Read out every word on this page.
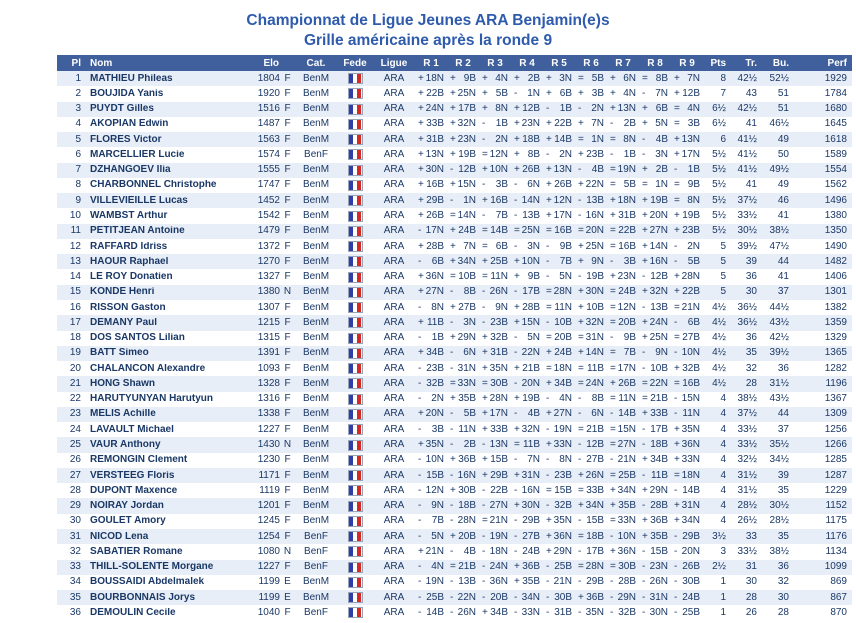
Championnat de Ligue Jeunes ARA Benjamin(e)s
Grille américaine après la ronde 9
Pl Nom	Elo	Cat.	Fede	Ligue	R 1	R 2	R 3	R 4	R 5	R 6	R 7	R 8	R 9	Pts	Tr.	Bu.	Perf
1 MATHIEU Phileas	1804 F	BenM	ARA	+ 18N + 9B + 4N + 2B + 3N = 5B + 6N = 8B + 7N	8	42½	52½	1929
2 BOUJIDA Yanis	1920 F	BenM	ARA	+ 22B + 25N + 5B - 1N + 6B + 3B + 4N - 7N + 12B	7	43	51	1784
3 PUYDT Gilles	1516 F	BenM	ARA	+ 24N + 17B + 8N + 12B - 1B - 2N + 13N + 6B = 4N	6½	42½	51	1680
4 AKOPIAN Edwin	1487 F	BenM	ARA	+ 33B + 32N - 1B + 23N + 22B + 7N - 2B + 5N = 3B	6½	41	46½	1645
5 FLORES Victor	1563 F	BenM	ARA	+ 31B + 23N - 2N + 18B + 14B = 1N = 8N - 4B + 13N	6	41½	49	1618
6 MARCELLIER Lucie	1574 F	BenF	ARA	+ 13N + 19B = 12N + 8B - 2N + 23B - 1B - 3N + 17N	5½	41½	50	1589
7 DZHANGOEV Ilia	1555 F	BenM	ARA	+ 30N - 12B + 10N + 26B + 13N - 4B = 19N + 2B - 1B	5½	41½	49½	1554
8 CHARBONNEL Christophe	1747 F	BenM	ARA	+ 16B + 15N - 3B - 6N + 26B + 22N = 5B = 1N = 9B	5½	41	49	1562
9 VILLEVIEILLE Lucas	1452 F	BenM	ARA	+ 29B - 1N + 16B - 14N + 12N - 13B + 18N + 19B = 8N	5½	37½	46	1496
10 WAMBST Arthur	1542 F	BenM	ARA	+ 26B = 14N - 7B - 13B + 17N - 16N + 31B + 20N + 19B	5½	33½	41	1380
11 PETITJEAN Antoine	1479 F	BenM	ARA	- 17N + 24B = 14B = 25N = 16B = 20N = 22B + 27N + 23B	5½	30½	38½	1350
12 RAFFARD Idriss	1372 F	BenM	ARA	+ 28B + 7N = 6B - 3N - 9B + 25N = 16B + 14N - 2N	5	39½	47½	1490
13 HAOUR Raphael	1270 F	BenM	ARA	- 6B + 34N + 25B + 10N - 7B + 9N - 3B + 16N - 5B	5	39	44	1482
14 LE ROY Donatien	1327 F	BenM	ARA	+ 36N = 10B = 11N + 9B - 5N - 19B + 23N - 12B + 28N	5	36	41	1406
15 KONDE Henri	1380 N	BenM	ARA	+ 27N - 8B - 26N - 17B = 28N + 30N = 24B + 32N + 22B	5	30	37	1301
16 RISSON Gaston	1307 F	BenM	ARA	- 8N + 27B - 9N + 28B = 11N + 10B = 12N - 13B = 21N	4½	36½	44½	1382
17 DEMANY Paul	1215 F	BenM	ARA	+ 11B - 3N - 23B + 15N - 10B + 32N = 20B + 24N - 6B	4½	36½	43½	1359
18 DOS SANTOS Lilian	1315 F	BenM	ARA	- 1B + 29N + 32B - 5N = 20B = 31N - 9B + 25N = 27B	4½	36	42½	1329
19 BATT Simeo	1391 F	BenM	ARA	+ 34B - 6N + 31B - 22N + 24B + 14N = 7B - 9N - 10N	4½	35	39½	1365
20 CHALANCON Alexandre	1093 F	BenM	ARA	- 23B - 31N + 35N + 21B = 18N = 11B = 17N - 10B + 32B	4½	32	36	1282
21 HONG Shawn	1328 F	BenM	ARA	- 32B = 33N = 30B - 20N + 34B = 24N + 26B = 22N = 16B	4½	28	31½	1196
22 HARUTYUNYAN Harutyun	1316 F	BenM	ARA	- 2N + 35B + 28N + 19B - 4N - 8B = 11N = 21B - 15N	4	38½	43½	1367
23 MELIS Achille	1338 F	BenM	ARA	+ 20N - 5B + 17N - 4B + 27N - 6N - 14B + 33B - 11N	4	37½	44	1309
24 LAVAULT Michael	1227 F	BenM	ARA	- 3B - 11N + 33B + 32N - 19N = 21B = 15N - 17B + 35N	4	33½	37	1256
25 VAUR Anthony	1430 N	BenM	ARA	+ 35N - 2B - 13N = 11B + 33N - 12B = 27N - 18B + 36N	4	33½	35½	1266
26 REMONGIN Clement	1230 F	BenM	ARA	- 10N + 36B + 15B - 7N - 8N - 27B - 21N + 34B + 33N	4	32½	34½	1285
27 VERSTEEG Floris	1171 F	BenM	ARA	- 15B - 16N + 29B + 31N - 23B + 26N = 25B - 11B = 18N	4	31½	39	1287
28 DUPONT Maxence	1119 F	BenM	ARA	- 12N + 30B - 22B - 16N = 15B = 33B + 34N + 29N - 14B	4	31½	35	1229
29 NOIRAY Jordan	1201 F	BenM	ARA	- 9N - 18B - 27N + 30N - 32B + 34N + 35B - 28B + 31N	4	28½	30½	1152
30 GOULET Amory	1245 F	BenM	ARA	- 7B - 28N = 21N - 29B + 35N - 15B = 33N + 36B + 34N	4	26½	28½	1175
31 NICOD Lena	1254 F	BenF	ARA	- 5N + 20B - 19N - 27B + 36N = 18B - 10N + 35B - 29B	3½	33	35	1176
32 SABATIER Romane	1080 N	BenF	ARA	+ 21N - 4B - 18N - 24B + 29N - 17B + 36N - 15B - 20N	3	33½	38½	1134
33 THILL-SOLENTE Morgane	1227 F	BenF	ARA	- 4N = 21B - 24N + 36B - 25B = 28N = 30B - 23N - 26B	2½	31	36	1099
34 BOUSSAIDI Abdelmalek	1199 E	BenM	ARA	- 19N - 13B - 36N + 35B - 21N - 29B - 28B - 26N - 30B	1	30	32	869
35 BOURBONNAIS Jorys	1199 E	BenM	ARA	- 25B - 22N - 20B - 34N - 30B + 36B - 29N - 31N - 24B	1	28	30	867
36 DEMOULIN Cecile	1040 F	BenF	ARA	- 14B - 26N + 34B - 33N - 31B - 35N - 32B - 30N - 25B	1	26	28	870
